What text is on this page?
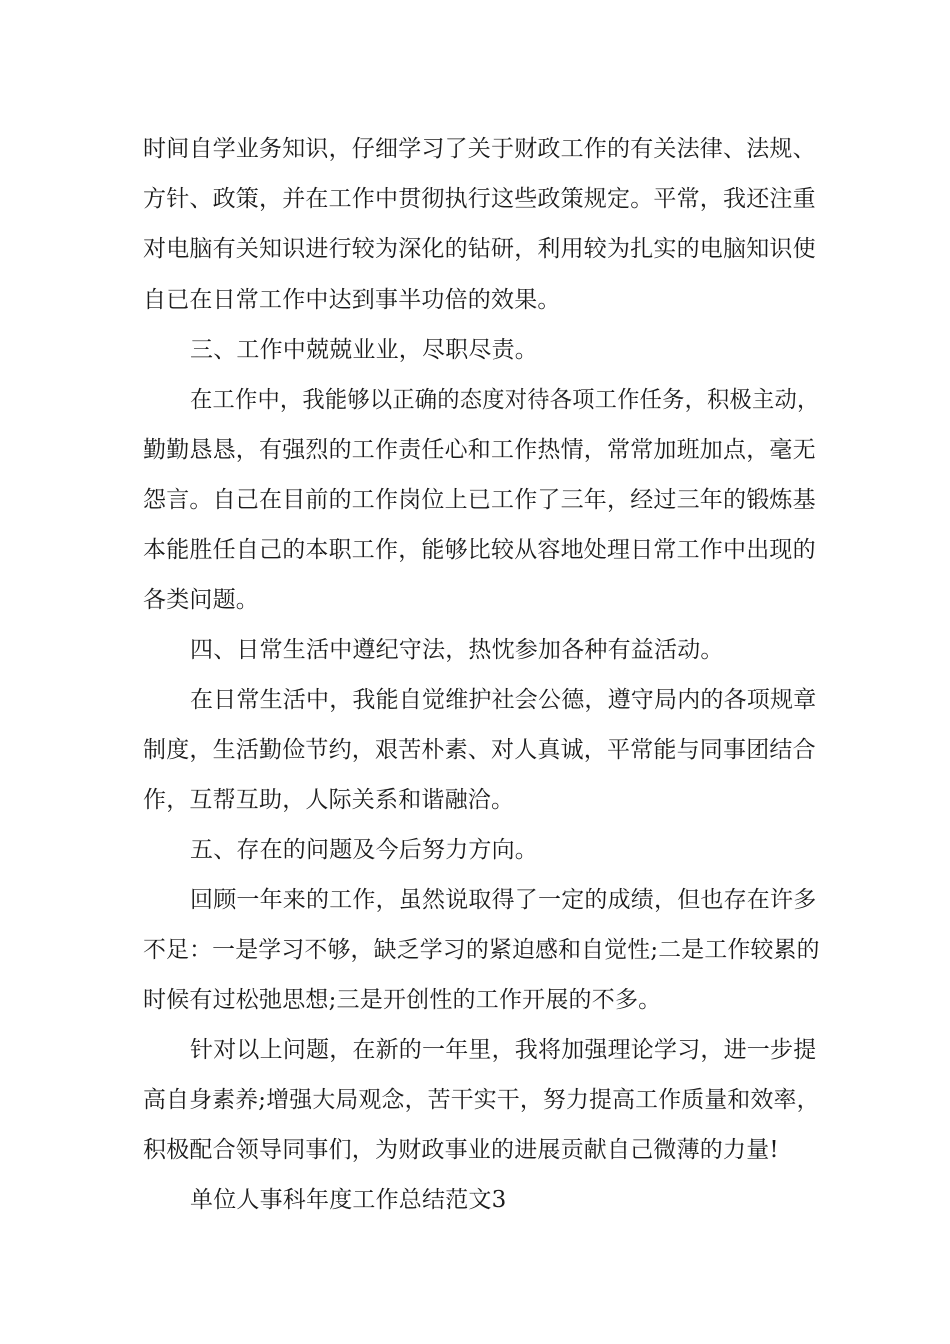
时间自学业务知识，仔细学习了关于财政工作的有关法律、法规、

方针、政策，并在工作中贯彻执行这些政策规定。平常，我还注重

对电脑有关知识进行较为深化的钻研，利用较为扎实的电脑知识使

自已在日常工作中达到事半功倍的效果。

三、工作中兢兢业业，尽职尽责。

在工作中，我能够以正确的态度对待各项工作任务，积极主动，

勤勤恳恳，有强烈的工作责任心和工作热情，常常加班加点，毫无

怨言。自己在目前的工作岗位上已工作了三年，经过三年的锻炼基

本能胜任自己的本职工作，能够比较从容地处理日常工作中出现的

各类问题。

四、日常生活中遵纪守法，热忱参加各种有益活动。

在日常生活中，我能自觉维护社会公德，遵守局内的各项规章

制度，生活勤俭节约，艰苦朴素、对人真诚，平常能与同事团结合

作，互帮互助，人际关系和谐融洽。

五、存在的问题及今后努力方向。

回顾一年来的工作，虽然说取得了一定的成绩，但也存在许多

不足：一是学习不够，缺乏学习的紧迫感和自觉性;二是工作较累的

时候有过松弛思想;三是开创性的工作开展的不多。

针对以上问题，在新的一年里，我将加强理论学习，进一步提

高自身素养;增强大局观念，苦干实干，努力提高工作质量和效率，

积极配合领导同事们，为财政事业的进展贡献自己微薄的力量!

单位人事科年度工作总结范文3
